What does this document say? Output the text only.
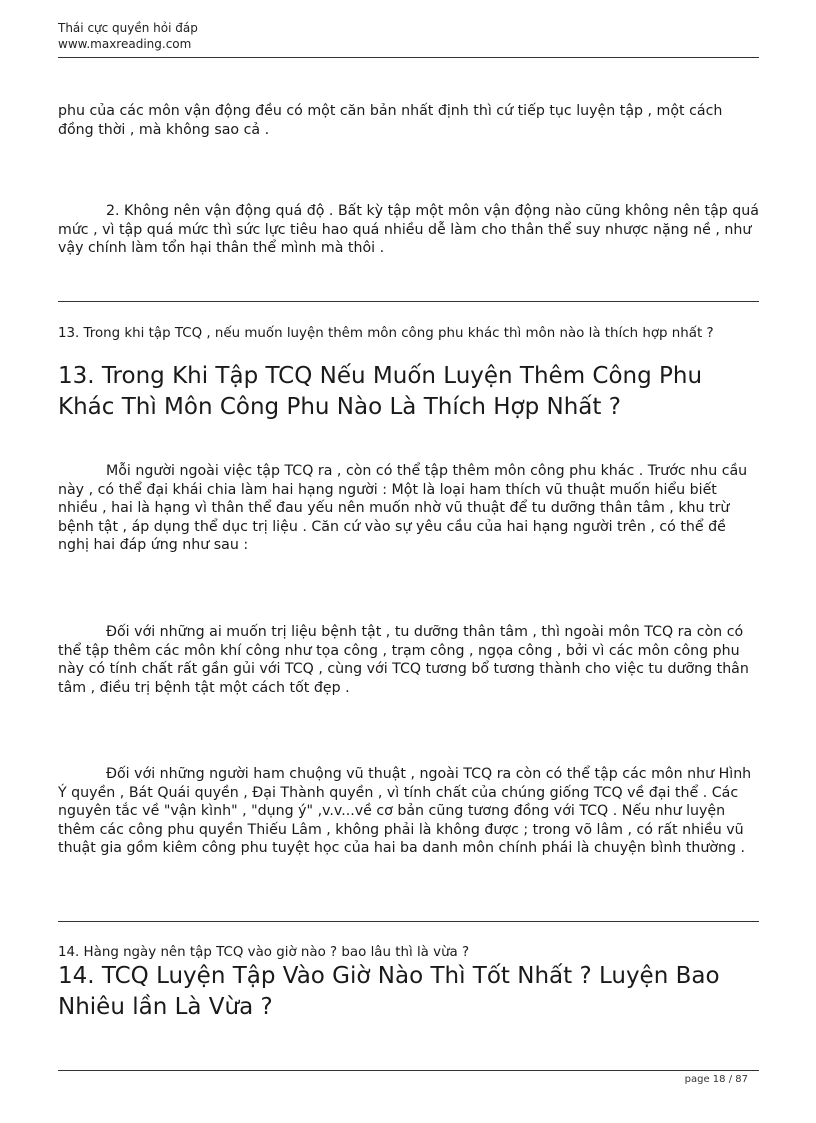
Thái cực quyền hỏi đáp
www.maxreading.com

phu của các môn vận động đều có một căn bản nhất định thì cứ tiếp tục luyện tập , một cách đồng thời , mà không sao cả .

2. Không nên vận động quá độ . Bất kỳ tập một môn vận động nào cũng không nên tập quá mức , vì tập quá mức thì sức lực tiêu hao quá nhiều dễ làm cho thân thể suy nhược nặng nề , như vậy chính làm tổn hại thân thể mình mà thôi .

13. Trong khi tập TCQ , nếu muốn luyện thêm môn công phu khác thì môn nào là thích hợp nhất ?

13. Trong Khi Tập TCQ Nếu Muốn Luyện Thêm Công Phu Khác Thì Môn Công Phu Nào Là Thích Hợp Nhất ?

Mỗi người ngoài việc tập TCQ ra , còn có thể tập thêm môn công phu khác . Trước nhu cầu này , có thể đại khái chia làm hai hạng người : Một là loại ham thích vũ thuật muốn hiểu biết nhiều , hai là hạng vì thân thể đau yếu nên muốn nhờ vũ thuật để tu dưỡng thân tâm , khu trừ bệnh tật , áp dụng thể dục trị liệu . Căn cứ vào sự yêu cầu của hai hạng người trên , có thể đề nghị hai đáp ứng như sau :

Đối với những ai muốn trị liệu bệnh tật , tu dưỡng thân tâm , thì ngoài môn TCQ ra còn có thể tập thêm các môn khí công như tọa công , trạm công , ngọa công , bởi vì các môn công phu này có tính chất rất gần gủi với TCQ , cùng với TCQ tương bổ tương thành cho việc tu dưỡng thân tâm , điều trị bệnh tật một cách tốt đẹp .

Đối với những người ham chuộng vũ thuật , ngoài TCQ ra còn có thể tập các môn như Hình Ý quyền , Bát Quái quyền , Đại Thành quyền , vì tính chất của chúng giống TCQ về đại thể . Các nguyên tắc về "vận kình" , "dụng ý" ,v.v...về cơ bản cũng tương đồng với TCQ . Nếu như luyện thêm các công phu quyền Thiếu Lâm , không phải là không được ; trong võ lâm , có rất nhiều vũ thuật gia gồm kiêm công phu tuyệt học của hai ba danh môn chính phái là chuyện bình thường .

14. Hàng ngày nên tập TCQ vào giờ nào ? bao lâu thì là vừa ?

14. TCQ Luyện Tập Vào Giờ Nào Thì Tốt Nhất ? Luyện Bao Nhiêu lần Là Vừa ?
page 18 / 87
